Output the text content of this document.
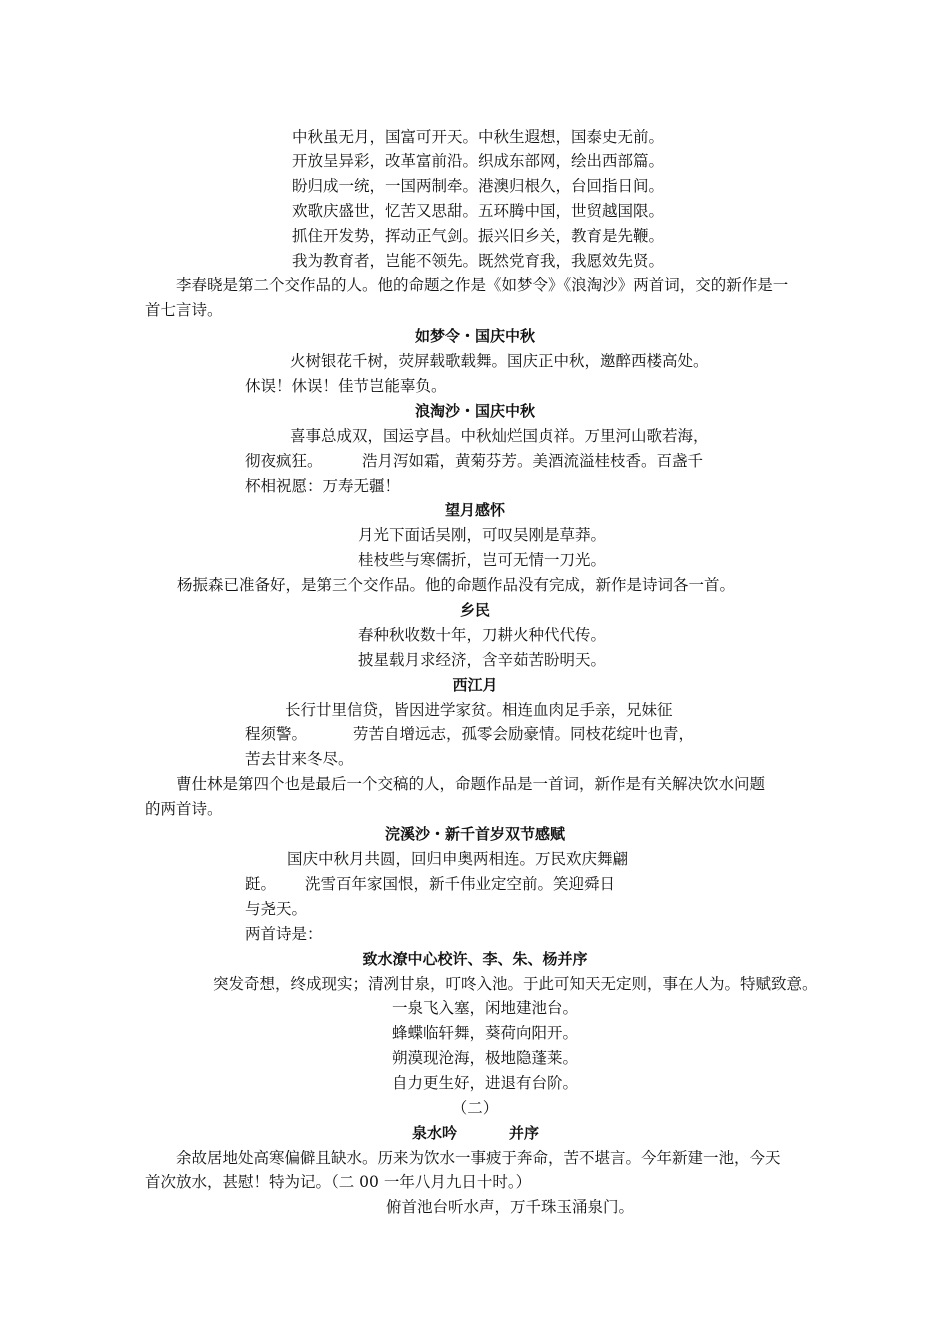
中秋虽无月，国富可开天。中秋生遐想，国泰史无前。
开放呈异彩，改革富前沿。织成东部网，绘出西部篇。
盼归成一统，一国两制牵。港澳归根久，台回指日间。
欢歌庆盛世，忆苦又思甜。五环腾中国，世贸越国限。
抓住开发势，挥动正气剑。振兴旧乡关，教育是先鞭。
我为教育者，岂能不领先。既然党育我，我愿效先贤。
李春晓是第二个交作品的人。他的命题之作是《如梦令》《浪淘沙》两首词，交的新作是一
首七言诗。
如梦令・国庆中秋
火树银花千树，荧屏载歌载舞。国庆正中秋，邀醉西楼高处。
休误！休误！佳节岂能辜负。
浪淘沙・国庆中秋
喜事总成双，国运亨昌。中秋灿烂国贞祥。万里河山歌若海，
彻夜疯狂。	浩月泻如霜，黄菊芬芳。美酒流溢桂枝香。百盏千
杯相祝愿：万寿无疆！
望月感怀
月光下面话吴刚，可叹吴刚是草莽。
桂枝些与寒儒折，岂可无情一刀光。
杨振森已准备好，是第三个交作品。他的命题作品没有完成，新作是诗词各一首。
乡民
春种秋收数十年，刀耕火种代代传。
披星载月求经济，含辛茹苦盼明天。
西江月
长行廿里信贷，皆因进学家贫。相连血肉足手亲，兄妹征
程须警。	劳苦自增远志，孤零会励豪情。同枝花绽叶也青，
苦去甘来冬尽。
曹仕林是第四个也是最后一个交稿的人，命题作品是一首词，新作是有关解决饮水问题
的两首诗。
浣溪沙・新千首岁双节感赋
国庆中秋月共圆，回归申奥两相连。万民欢庆舞翩
跹。 洗雪百年家国恨，新千伟业定空前。笑迎舜日
与尧天。
两首诗是：
致水潦中心校许、李、朱、杨并序
突发奇想，终成现实；清冽甘泉，叮咚入池。于此可知天无定则，事在人为。特赋致意。
一泉飞入塞，闲地建池台。
蜂蝶临轩舞，葵荷向阳开。
朔漠现沧海，极地隐蓬莱。
自力更生好，进退有台阶。
（二）
泉水吟	并序
余故居地处高寒偏僻且缺水。历来为饮水一事疲于奔命，苦不堪言。今年新建一池，今天
首次放水，甚慰！特为记。（二 00 一年八月九日十时。）
俯首池台听水声，万千珠玉涌泉门。
